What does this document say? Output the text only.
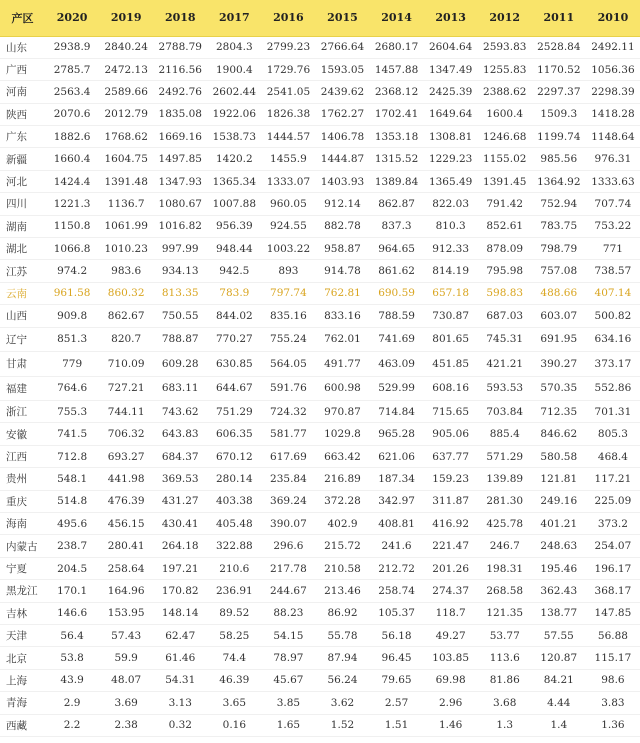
产区	2020	2019	2018	2017	2016	2015	2014	2013	2012	2011	2010
山东	2938.9	2840.24	2788.79	2804.3	2799.23	2766.64	2680.17	2604.64	2593.83	2528.84	2492.11
广西	2785.7	2472.13	2116.56	1900.4	1729.76	1593.05	1457.88	1347.49	1255.83	1170.52	1056.36
河南	2563.4	2589.66	2492.76	2602.44	2541.05	2439.62	2368.12	2425.39	2388.62	2297.37	2298.39
陕西	2070.6	2012.79	1835.08	1922.06	1826.38	1762.27	1702.41	1649.64	1600.4	1509.3	1418.28
广东	1882.6	1768.62	1669.16	1538.73	1444.57	1406.78	1353.18	1308.81	1246.68	1199.74	1148.64
新疆	1660.4	1604.75	1497.85	1420.2	1455.9	1444.87	1315.52	1229.23	1155.02	985.56	976.31
河北	1424.4	1391.48	1347.93	1365.34	1333.07	1403.93	1389.84	1365.49	1391.45	1364.92	1333.63
四川	1221.3	1136.7	1080.67	1007.88	960.05	912.14	862.87	822.03	791.42	752.94	707.74
湖南	1150.8	1061.99	1016.82	956.39	924.55	882.78	837.3	810.3	852.61	783.75	753.22
湖北	1066.8	1010.23	997.99	948.44	1003.22	958.87	964.65	912.33	878.09	798.79	771
江苏	974.2	983.6	934.13	942.5	893	914.78	861.62	814.19	795.98	757.08	738.57
云南	961.58	860.32	813.35	783.9	797.74	762.81	690.59	657.18	598.83	488.66	407.14
山西	909.8	862.67	750.55	844.02	835.16	833.16	788.59	730.87	687.03	603.07	500.82
辽宁	851.3	820.7	788.87	770.27	755.24	762.01	741.69	801.65	745.31	691.95	634.16
甘肃	779	710.09	609.28	630.85	564.05	491.77	463.09	451.85	421.21	390.27	373.17
福建	764.6	727.21	683.11	644.67	591.76	600.98	529.99	608.16	593.53	570.35	552.86
浙江	755.3	744.11	743.62	751.29	724.32	970.87	714.84	715.65	703.84	712.35	701.31
安徽	741.5	706.32	643.83	606.35	581.77	1029.8	965.28	905.06	885.4	846.62	805.3
江西	712.8	693.27	684.37	670.12	617.69	663.42	621.06	637.77	571.29	580.58	468.4
贵州	548.1	441.98	369.53	280.14	235.84	216.89	187.34	159.23	139.89	121.81	117.21
重庆	514.8	476.39	431.27	403.38	369.24	372.28	342.97	311.87	281.30	249.16	225.09
海南	495.6	456.15	430.41	405.48	390.07	402.9	408.81	416.92	425.78	401.21	373.2
内蒙古	238.7	280.41	264.18	322.88	296.6	215.72	241.6	221.47	246.7	248.63	254.07
宁夏	204.5	258.64	197.21	210.6	217.78	210.58	212.72	201.26	198.31	195.46	196.17
黑龙江	170.1	164.96	170.82	236.91	244.67	213.46	258.74	274.37	268.58	362.43	368.17
吉林	146.6	153.95	148.14	89.52	88.23	86.92	105.37	118.7	121.35	138.77	147.85
天津	56.4	57.43	62.47	58.25	54.15	55.78	56.18	49.27	53.77	57.55	56.88
北京	53.8	59.9	61.46	74.4	78.97	87.94	96.45	103.85	113.6	120.87	115.17
上海	43.9	48.07	54.31	46.39	45.67	56.24	79.65	69.98	81.86	84.21	98.6
青海	2.9	3.69	3.13	3.65	3.85	3.62	2.57	2.96	3.68	4.44	3.83
西藏	2.2	2.38	0.32	0.16	1.65	1.52	1.51	1.46	1.3	1.4	1.36
